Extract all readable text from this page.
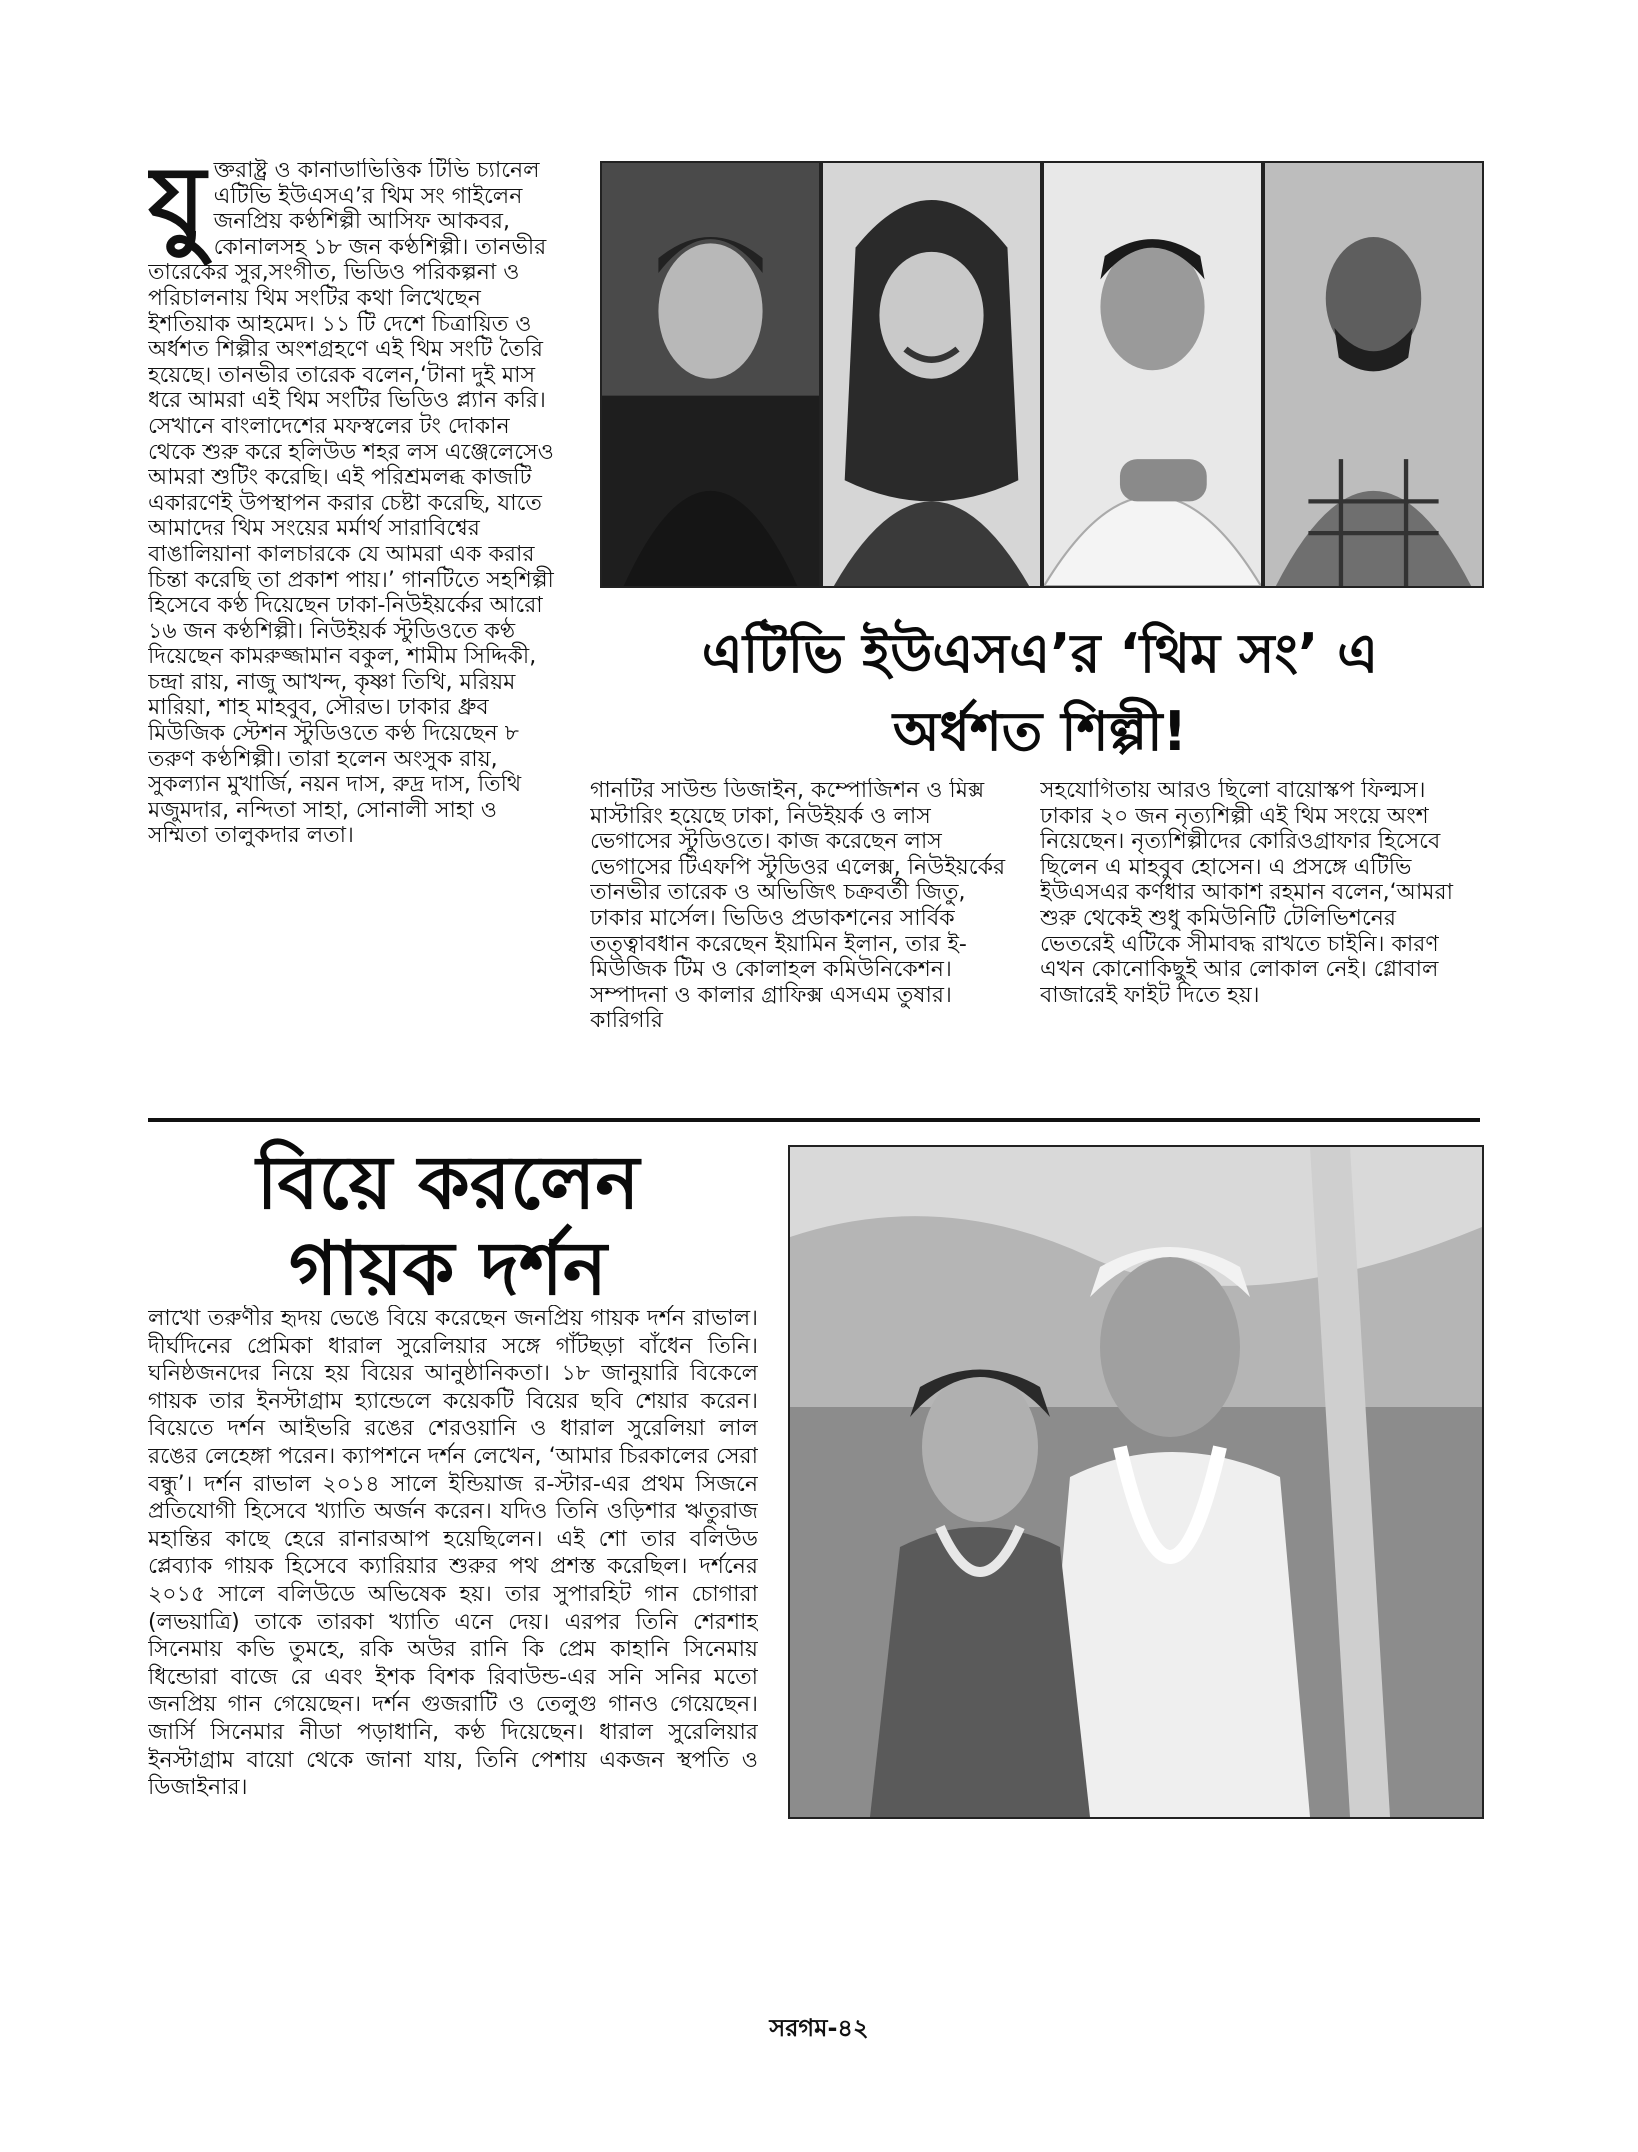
যু ক্তরাষ্ট্র ও কানাডাভিত্তিক টিভি চ্যানেল এটিভি ইউএসএ’র থিম সং গাইলেন জনপ্রিয় কণ্ঠশিল্পী আসিফ আকবর, কোনালসহ ১৮ জন কণ্ঠশিল্পী। তানভীর তারেকের সুর,সংগীত, ভিডিও পরিকল্পনা ও পরিচালনায় থিম সংটির কথা লিখেছেন ইশতিয়াক আহমেদ। ১১ টি দেশে চিত্রায়িত ও অর্ধশত শিল্পীর অংশগ্রহণে এই থিম সংটি তৈরি হয়েছে। তানভীর তারেক বলেন,‘টানা দুই মাস ধরে আমরা এই থিম সংটির ভিডিও প্ল্যান করি। সেখানে বাংলাদেশের মফস্বলের টং দোকান থেকে শুরু করে হলিউড শহর লস এঞ্জেলেসেও আমরা শুটিং করেছি। এই পরিশ্রমলব্ধ কাজটি একারণেই উপস্থাপন করার চেষ্টা করেছি, যাতে আমাদের থিম সংয়ের মর্মার্থ সারাবিশ্বের বাঙালিয়ানা কালচারকে যে আমরা এক করার চিন্তা করেছি তা প্রকাশ পায়।’ গানটিতে সহশিল্পী হিসেবে কণ্ঠ দিয়েছেন ঢাকা-নিউইয়র্কের আরো ১৬ জন কণ্ঠশিল্পী। নিউইয়র্ক স্টুডিওতে কণ্ঠ দিয়েছেন কামরুজ্জামান বকুল, শামীম সিদ্দিকী, চন্দ্রা রায়, নাজু আখন্দ, কৃষ্ণা তিথি, মরিয়ম মারিয়া, শাহ মাহবুব, সৌরভ। ঢাকার ধ্রুব মিউজিক স্টেশন স্টুডিওতে কণ্ঠ দিয়েছেন ৮ তরুণ কণ্ঠশিল্পী। তারা হলেন অংসুক রায়, সুকল্যান মুখার্জি, নয়ন দাস, রুদ্র দাস, তিথি মজুমদার, নন্দিতা সাহা, সোনালী সাহা ও সম্মিতা তালুকদার লতা।
এটিভি ইউএসএ’র ‘থিম সং’ এ
অর্ধশত শিল্পী!
গানটির সাউন্ড ডিজাইন, কম্পোজিশন ও মিক্স মাস্টারিং হয়েছে ঢাকা, নিউইয়র্ক ও লাস ভেগাসের স্টুডিওতে। কাজ করেছেন লাস ভেগাসের টিএফপি স্টুডিওর এলেক্স, নিউইয়র্কের তানভীর তারেক ও অভিজিৎ চক্রবর্তী জিতু, ঢাকার মার্সেল। ভিডিও প্রডাকশনের সার্বিক তত্ত্বাবধান করেছেন ইয়ামিন ইলান, তার ই-মিউজিক টিম ও কোলাহল কমিউনিকেশন। সম্পাদনা ও কালার গ্রাফিক্স এসএম তুষার। কারিগরি
সহযোগিতায় আরও ছিলো বায়োস্কপ ফিল্মস। ঢাকার ২০ জন নৃত্যশিল্পী এই থিম সংয়ে অংশ নিয়েছেন। নৃত্যশিল্পীদের কোরিওগ্রাফার হিসেবে ছিলেন এ মাহবুব হোসেন। এ প্রসঙ্গে এটিভি ইউএসএর কর্ণধার আকাশ রহমান বলেন,‘আমরা শুরু থেকেই শুধু কমিউনিটি টেলিভিশনের ভেতরেই এটিকে সীমাবদ্ধ রাখতে চাইনি। কারণ এখন কোনোকিছুই আর লোকাল নেই। গ্লোবাল বাজারেই ফাইট দিতে হয়।
বিয়ে করলেন
গায়ক দর্শন
লাখো তরুণীর হৃদয় ভেঙে বিয়ে করেছেন জনপ্রিয় গায়ক দর্শন রাভাল। দীর্ঘদিনের প্রেমিকা ধারাল সুরেলিয়ার সঙ্গে গাঁটছড়া বাঁধেন তিনি। ঘনিষ্ঠজনদের নিয়ে হয় বিয়ের আনুষ্ঠানিকতা। ১৮ জানুয়ারি বিকেলে গায়ক তার ইনস্টাগ্রাম হ্যান্ডেলে কয়েকটি বিয়ের ছবি শেয়ার করেন। বিয়েতে দর্শন আইভরি রঙের শেরওয়ানি ও ধারাল সুরেলিয়া লাল রঙের লেহেঙ্গা পরেন। ক্যাপশনে দর্শন লেখেন, ‘আমার চিরকালের সেরা বন্ধু’। দর্শন রাভাল ২০১৪ সালে ইন্ডিয়াজ র-স্টার-এর প্রথম সিজনে প্রতিযোগী হিসেবে খ্যাতি অর্জন করেন। যদিও তিনি ওড়িশার ঋতুরাজ মহান্তির কাছে হেরে রানারআপ হয়েছিলেন। এই শো তার বলিউড প্লেব্যাক গায়ক হিসেবে ক্যারিয়ার শুরুর পথ প্রশস্ত করেছিল। দর্শনের ২০১৫ সালে বলিউডে অভিষেক হয়। তার সুপারহিট গান চোগারা (লভয়াত্রি) তাকে তারকা খ্যাতি এনে দেয়। এরপর তিনি শেরশাহ সিনেমায় কভি তুমহে, রকি অউর রানি কি প্রেম কাহানি সিনেমায় ধিন্ডোরা বাজে রে এবং ইশক বিশক রিবাউন্ড-এর সনি সনির মতো জনপ্রিয় গান গেয়েছেন। দর্শন গুজরাটি ও তেলুগু গানও গেয়েছেন। জার্সি সিনেমার নীডা পড়াধানি, কণ্ঠ দিয়েছেন। ধারাল সুরেলিয়ার ইনস্টাগ্রাম বায়ো থেকে জানা যায়, তিনি পেশায় একজন স্থপতি ও ডিজাইনার।
সরগম-৪২
